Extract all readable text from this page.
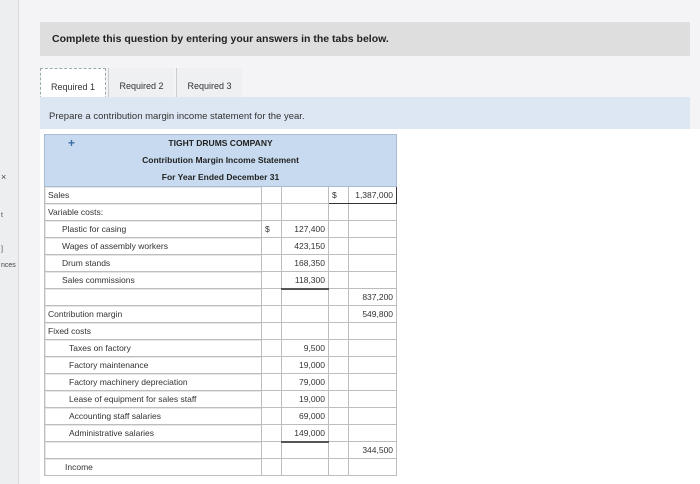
×
t
]
nces
Complete this question by entering your answers in the tabs below.
Required 1	Required 2	Required 3
Prepare a contribution margin income statement for the year.
+ TIGHT DRUMS COMPANY
Contribution Margin Income Statement
For Year Ended December 31				

Sales			$	1,387,000
Variable costs:				
Plastic for casing	$	127,400		
Wages of assembly workers		423,150		
Drum stands		168,350		
Sales commissions		118,300		
				837,200
Contribution margin				549,800
Fixed costs				
Taxes on factory		9,500		
Factory maintenance		19,000		
Factory machinery depreciation		79,000		
Lease of equipment for sales staff		19,000		
Accounting staff salaries		69,000		
Administrative salaries		149,000		
				344,500
Income				
